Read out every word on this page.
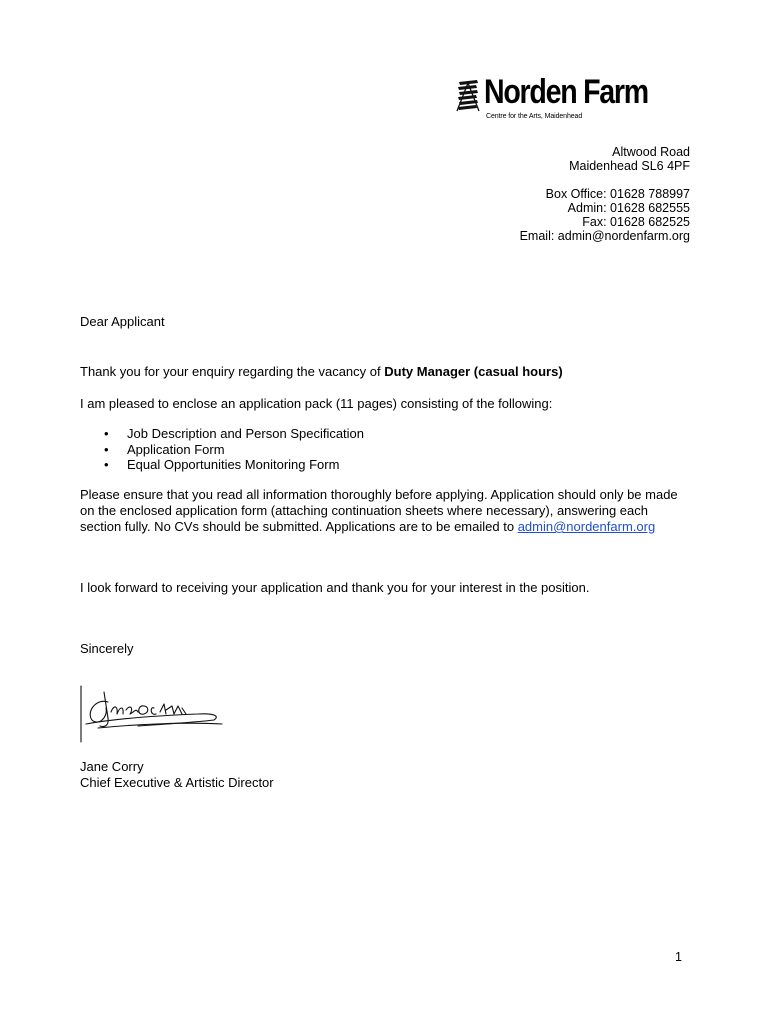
Norden Farm
Centre for the Arts, Maidenhead
Altwood Road
Maidenhead SL6 4PF
Box Office: 01628 788997
Admin: 01628 682555
Fax: 01628 682525
Email: admin@nordenfarm.org
Dear Applicant
Thank you for your enquiry regarding the vacancy of Duty Manager (casual hours)
I am pleased to enclose an application pack (11 pages) consisting of the following:
• Job Description and Person Specification
• Application Form
• Equal Opportunities Monitoring Form
Please ensure that you read all information thoroughly before applying. Application should only be made on the enclosed application form (attaching continuation sheets where necessary), answering each section fully. No CVs should be submitted. Applications are to be emailed to admin@nordenfarm.org
I look forward to receiving your application and thank you for your interest in the position.
Sincerely
Jane Corry
Chief Executive & Artistic Director
1
